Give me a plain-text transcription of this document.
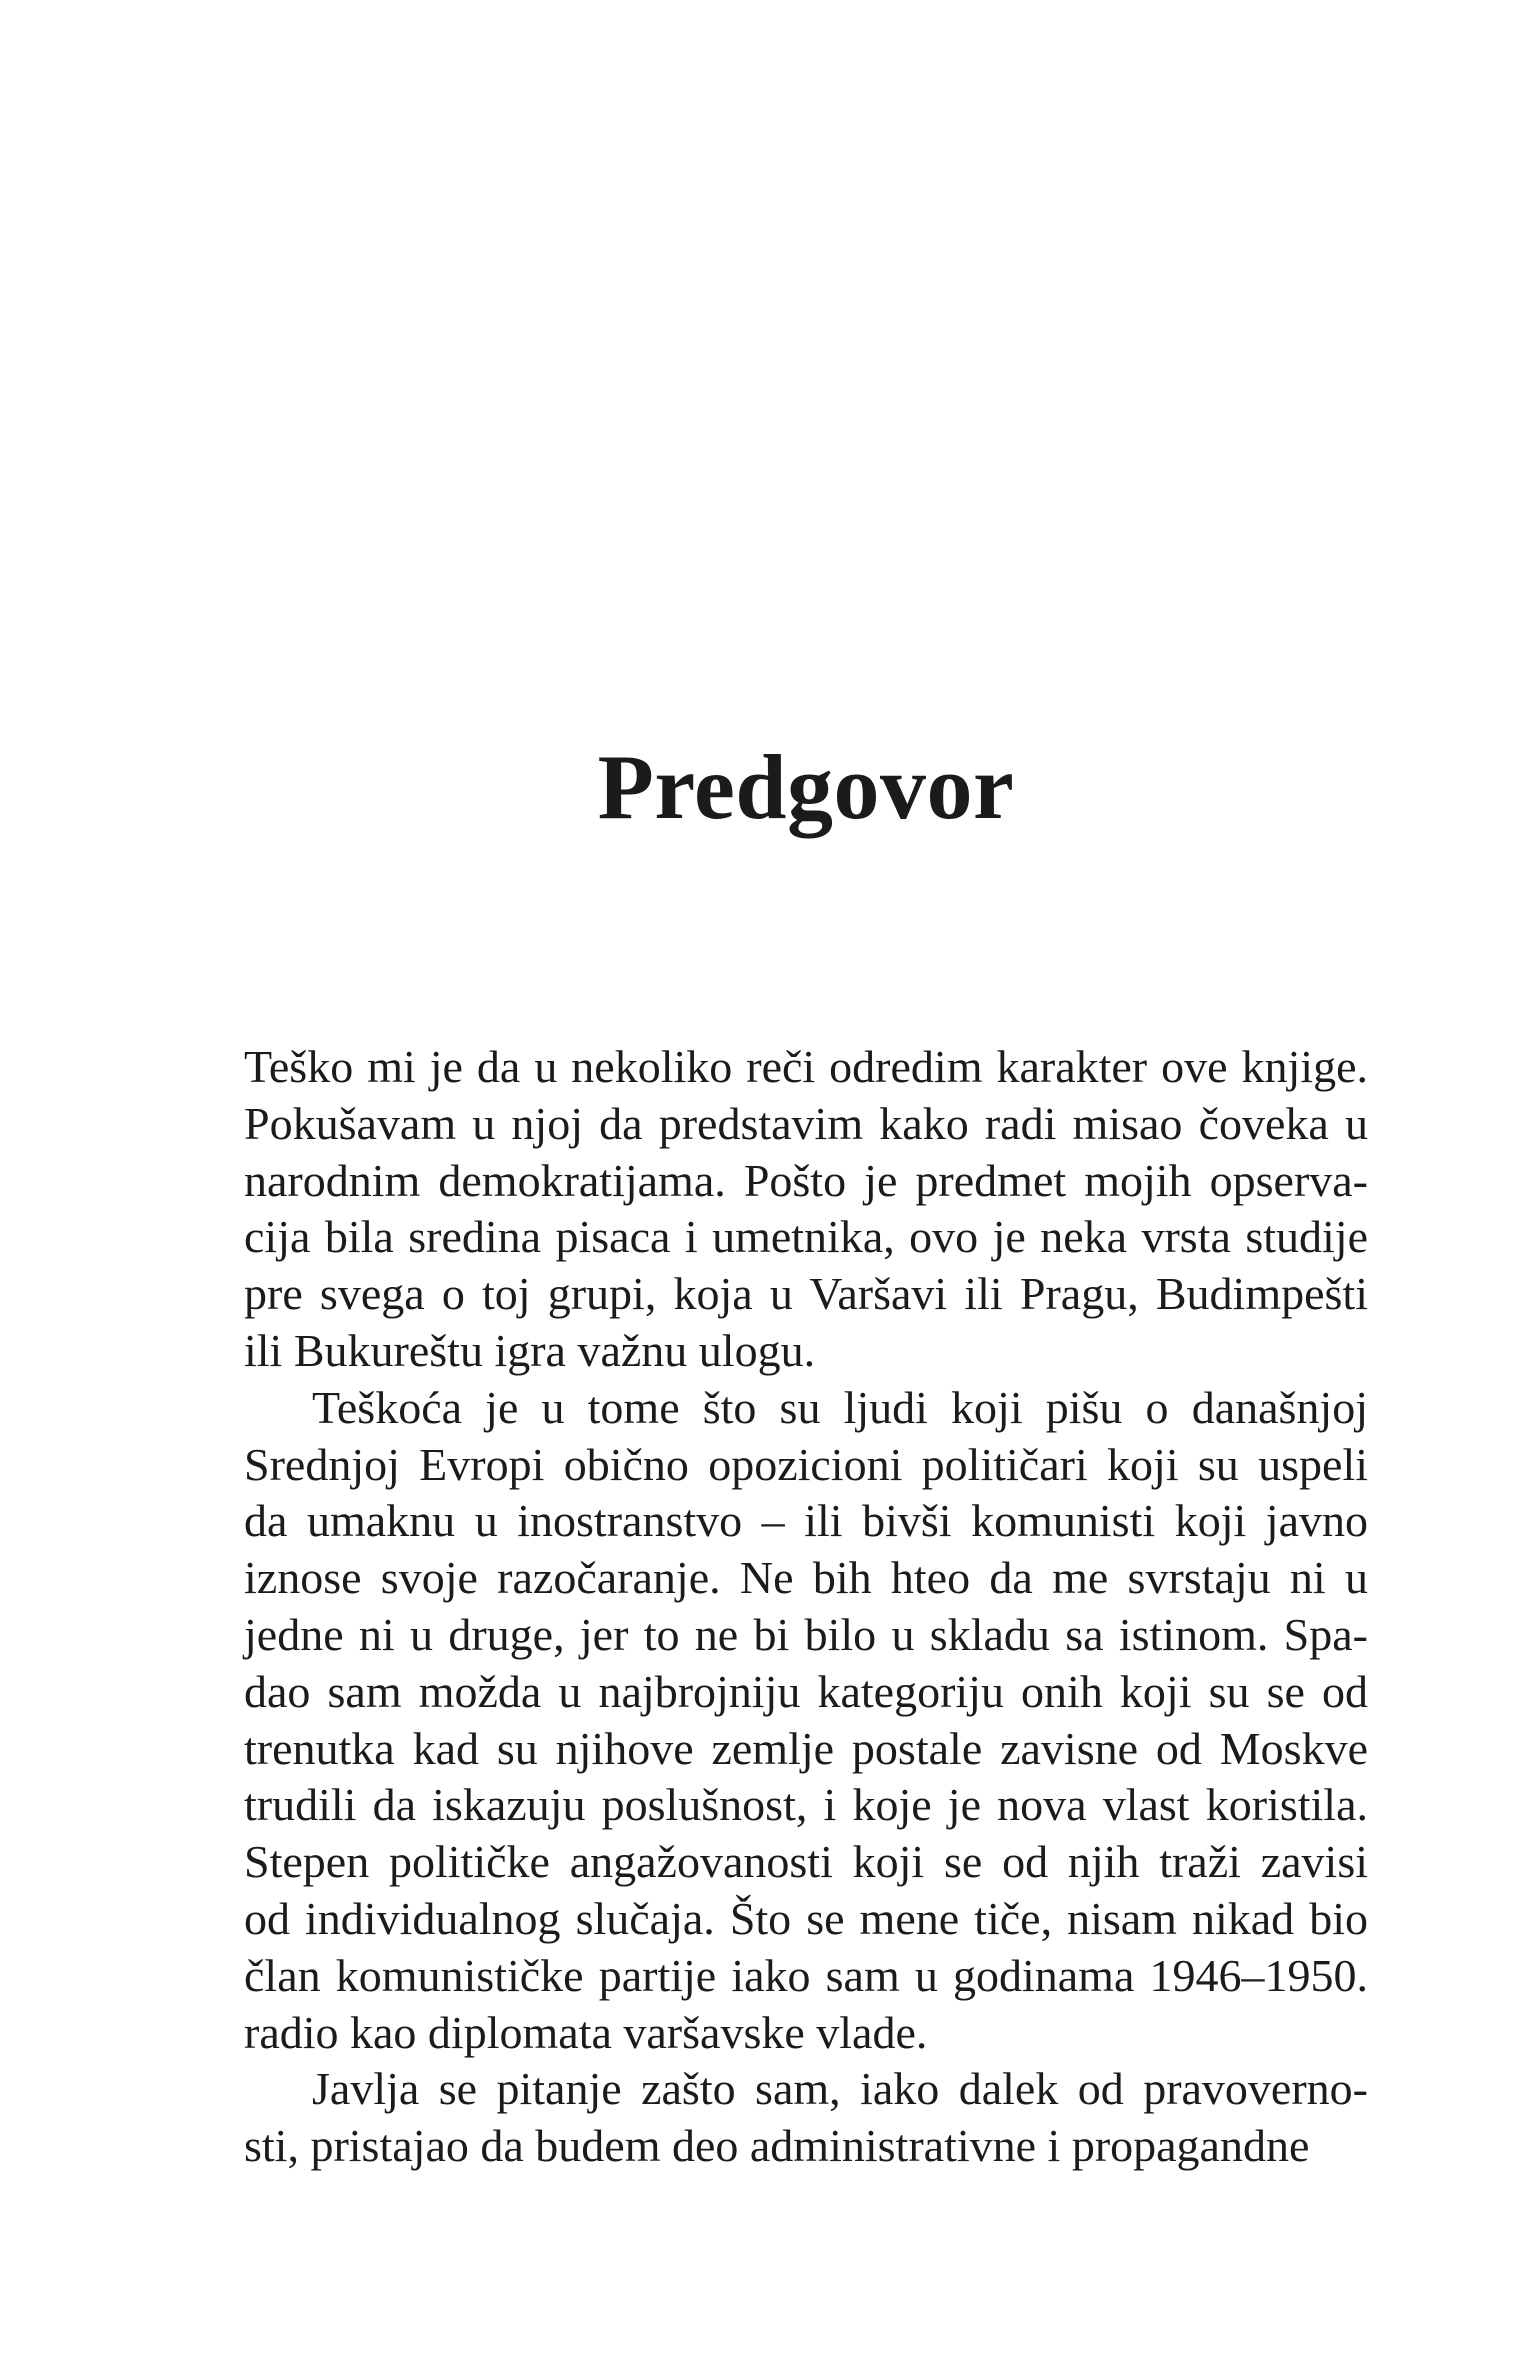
Predgovor
Teško mi je da u nekoliko reči odredim karakter ove knjige.
Pokušavam u njoj da predstavim kako radi misao čoveka u
narodnim demokratijama. Pošto je predmet mojih opserva-
cija bila sredina pisaca i umetnika, ovo je neka vrsta studije
pre svega o toj grupi, koja u Varšavi ili Pragu, Budimpešti
ili Bukureštu igra važnu ulogu.
Teškoća je u tome što su ljudi koji pišu o današnjoj
Srednjoj Evropi obično opozicioni političari koji su uspeli
da umaknu u inostranstvo – ili bivši komunisti koji javno
iznose svoje razočaranje. Ne bih hteo da me svrstaju ni u
jedne ni u druge, jer to ne bi bilo u skladu sa istinom. Spa-
dao sam možda u najbrojniju kategoriju onih koji su se od
trenutka kad su njihove zemlje postale zavisne od Moskve
trudili da iskazuju poslušnost, i koje je nova vlast koristila.
Stepen političke angažovanosti koji se od njih traži zavisi
od individualnog slučaja. Što se mene tiče, nisam nikad bio
član komunističke partije iako sam u godinama 1946–1950.
radio kao diplomata varšavske vlade.
Javlja se pitanje zašto sam, iako dalek od pravoverno-
sti, pristajao da budem deo administrativne i propagandne
